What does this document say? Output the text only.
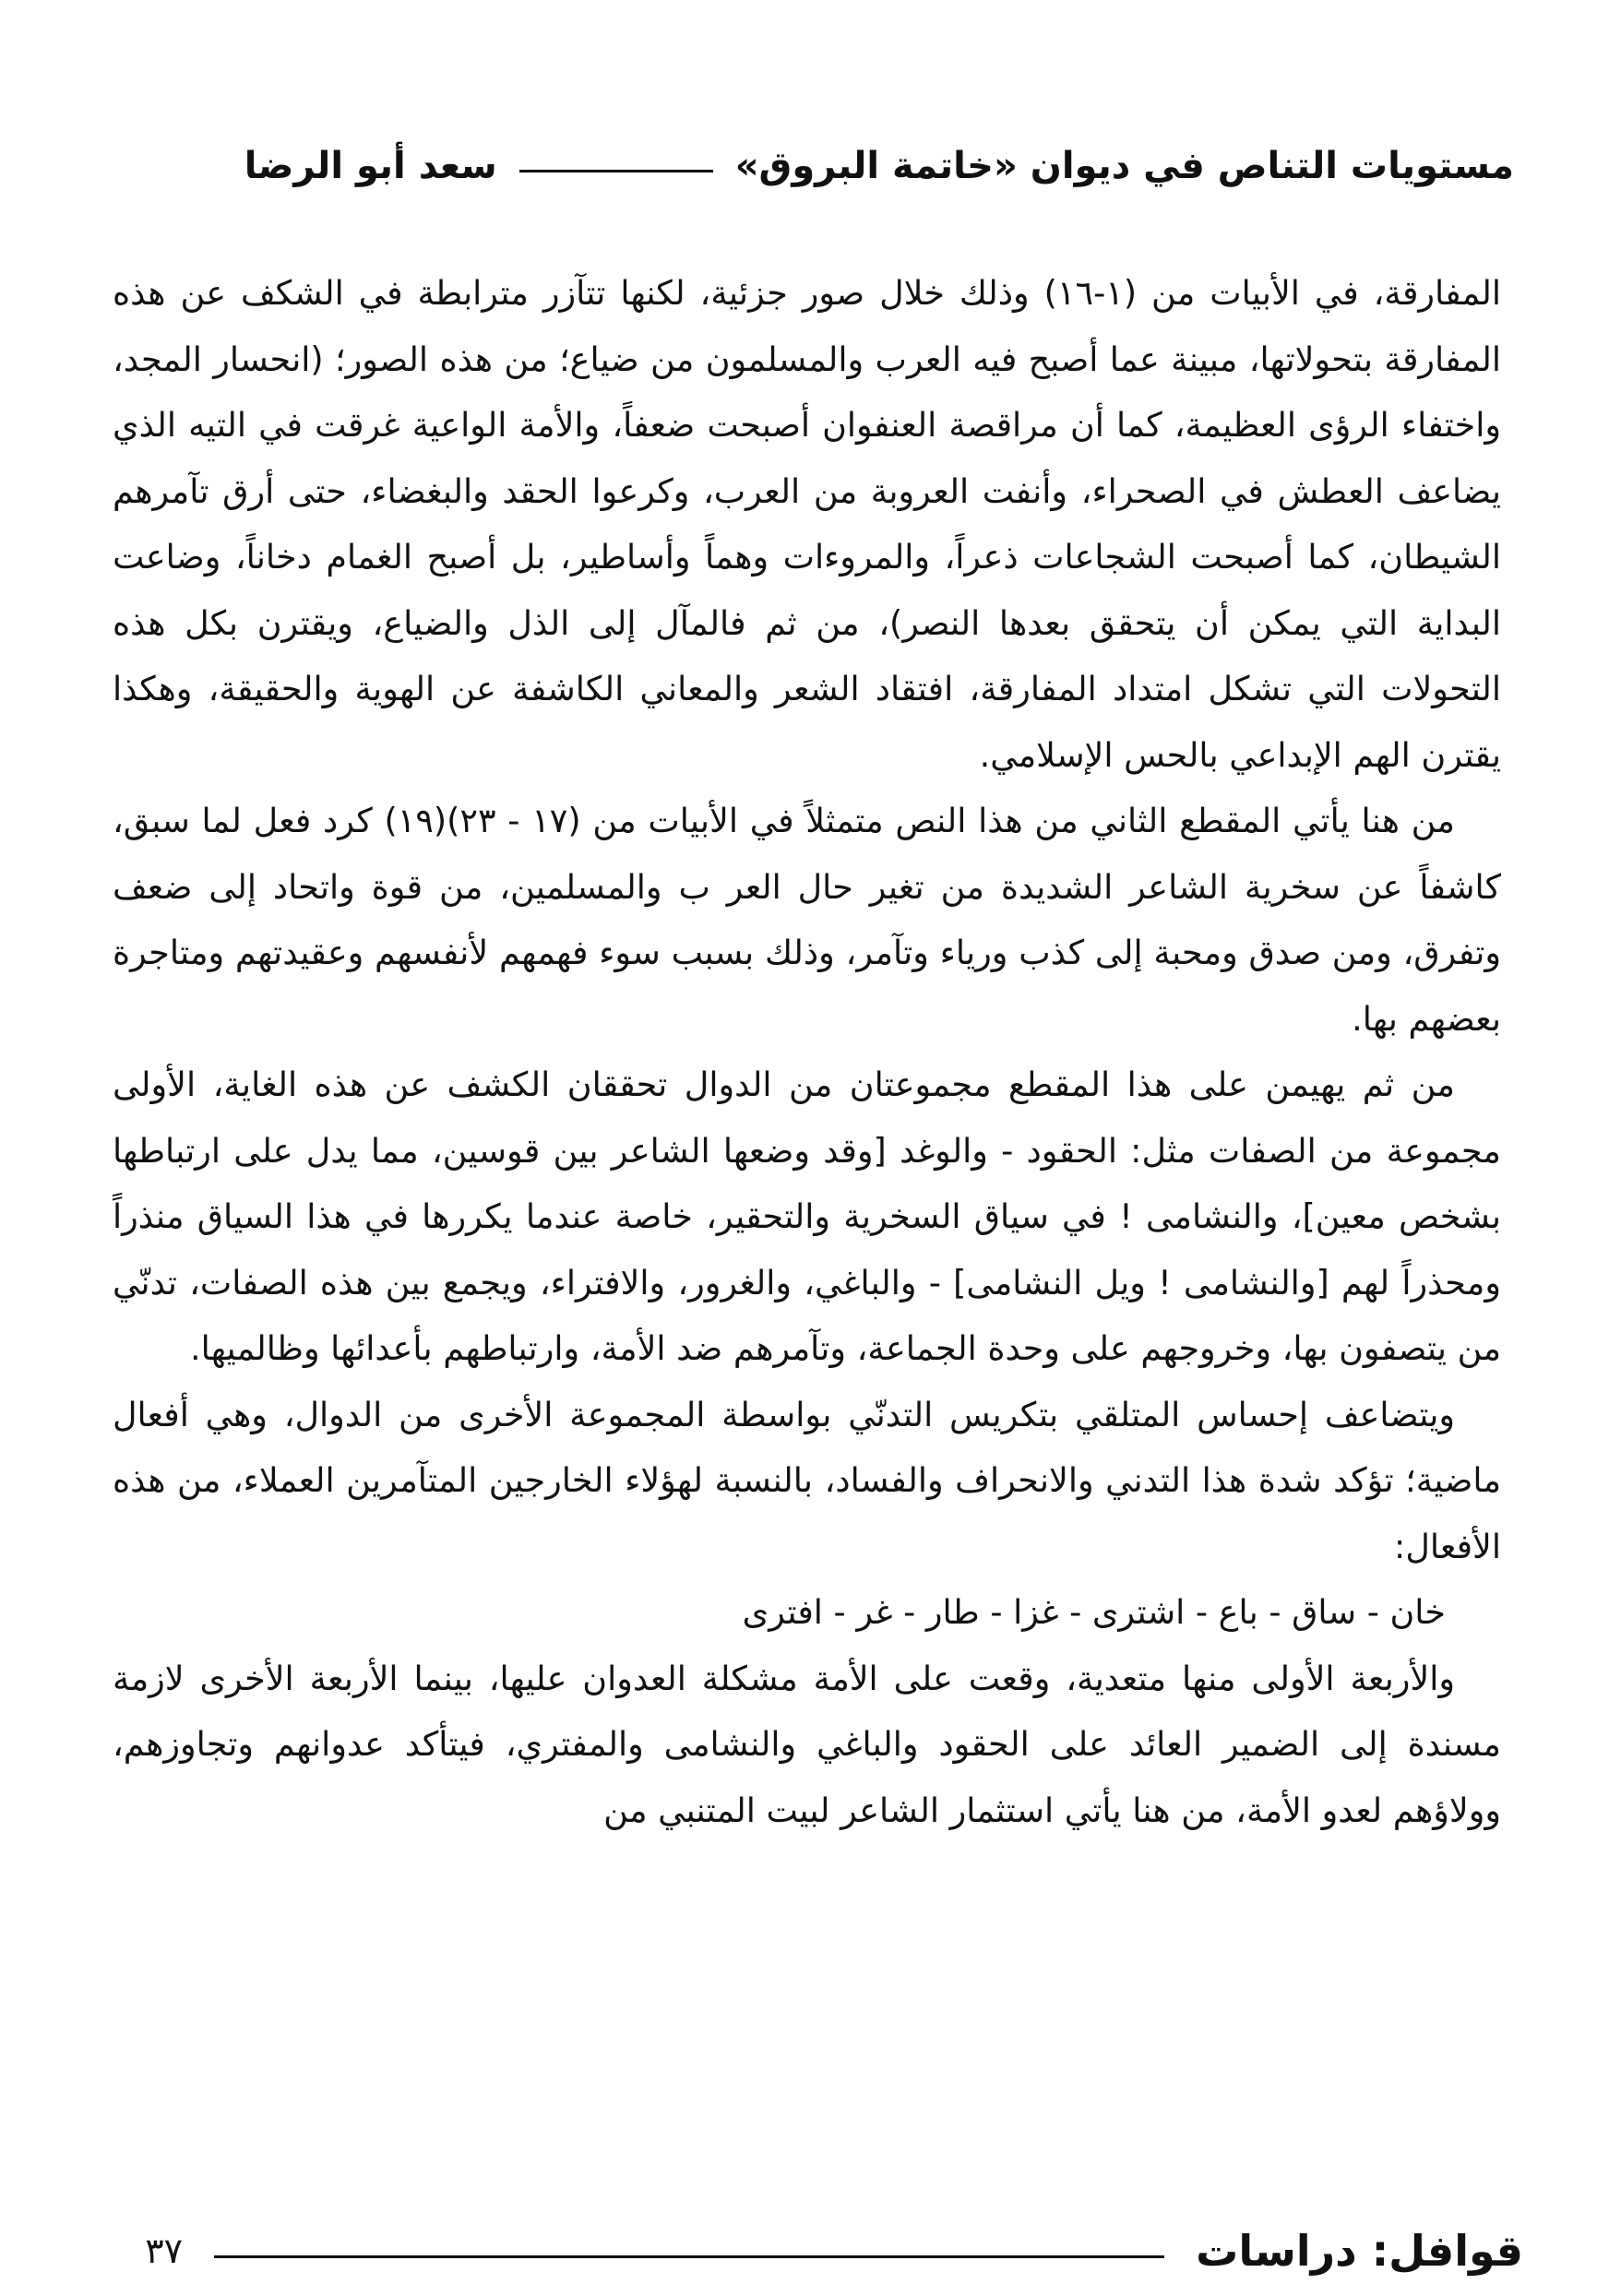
مستويات التناص في ديوان «خاتمة البروق»
سعد أبو الرضا

المفارقة، في الأبيات من (١-١٦) وذلك خلال صور جزئية، لكنها تتآزر مترابطة في الشكف عن هذه المفارقة بتحولاتها، مبينة عما أصبح فيه العرب والمسلمون من ضياع؛ من هذه الصور؛ (انحسار المجد، واختفاء الرؤى العظيمة، كما أن مراقصة العنفوان أصبحت ضعفاً، والأمة الواعية غرقت في التيه الذي يضاعف العطش في الصحراء، وأنفت العروبة من العرب، وكرعوا الحقد والبغضاء، حتى أرق تآمرهم الشيطان، كما أصبحت الشجاعات ذعراً، والمروءات وهماً وأساطير، بل أصبح الغمام دخاناً، وضاعت البداية التي يمكن أن يتحقق بعدها النصر)، من ثم فالمآل إلى الذل والضياع، ويقترن بكل هذه التحولات التي تشكل امتداد المفارقة، افتقاد الشعر والمعاني الكاشفة عن الهوية والحقيقة، وهكذا يقترن الهم الإبداعي بالحس الإسلامي.

من هنا يأتي المقطع الثاني من هذا النص متمثلاً في الأبيات من (١٧ - ٢٣)(١٩) كرد فعل لما سبق، كاشفاً عن سخرية الشاعر الشديدة من تغير حال العر ب والمسلمين، من قوة واتحاد إلى ضعف وتفرق، ومن صدق ومحبة إلى كذب ورياء وتآمر، وذلك بسبب سوء فهمهم لأنفسهم وعقيدتهم ومتاجرة بعضهم بها.

من ثم يهيمن على هذا المقطع مجموعتان من الدوال تحققان الكشف عن هذه الغاية، الأولى مجموعة من الصفات مثل: الحقود - والوغد [وقد وضعها الشاعر بين قوسين، مما يدل على ارتباطها بشخص معين]، والنشامى ! في سياق السخرية والتحقير، خاصة عندما يكررها في هذا السياق منذراً ومحذراً لهم [والنشامى ! ويل النشامى] - والباغي، والغرور، والافتراء، ويجمع بين هذه الصفات، تدنّي من يتصفون بها، وخروجهم على وحدة الجماعة، وتآمرهم ضد الأمة، وارتباطهم بأعدائها وظالميها.

ويتضاعف إحساس المتلقي بتكريس التدنّي بواسطة المجموعة الأخرى من الدوال، وهي أفعال ماضية؛ تؤكد شدة هذا التدني والانحراف والفساد، بالنسبة لهؤلاء الخارجين المتآمرين العملاء، من هذه الأفعال:

خان - ساق - باع - اشترى - غزا - طار - غر - افترى

والأربعة الأولى منها متعدية، وقعت على الأمة مشكلة العدوان عليها، بينما الأربعة الأخرى لازمة مسندة إلى الضمير العائد على الحقود والباغي والنشامى والمفتري، فيتأكد عدوانهم وتجاوزهم، وولاؤهم لعدو الأمة، من هنا يأتي استثمار الشاعر لبيت المتنبي من

قوافل: دراسات
٣٧
